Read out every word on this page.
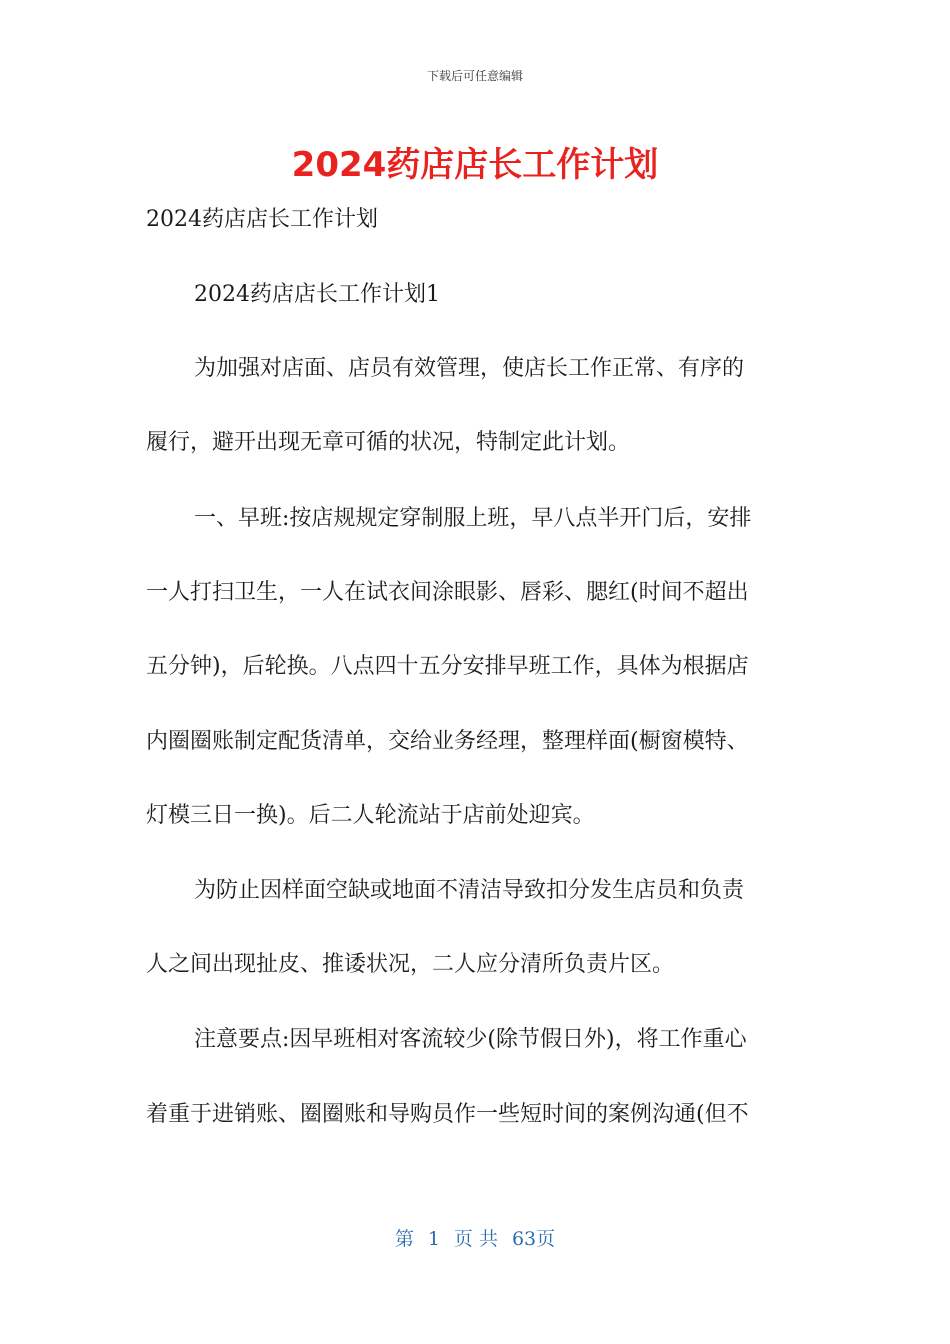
下载后可任意编辑
2024药店店长工作计划
2024药店店长工作计划
2024药店店长工作计划1
为加强对店面、店员有效管理，使店长工作正常、有序的
履行，避开出现无章可循的状况，特制定此计划。
一、早班:按店规规定穿制服上班，早八点半开门后，安排
一人打扫卫生，一人在试衣间涂眼影、唇彩、腮红(时间不超出
五分钟)，后轮换。八点四十五分安排早班工作，具体为根据店
内圈圈账制定配货清单，交给业务经理，整理样面(橱窗模特、
灯模三日一换)。后二人轮流站于店前处迎宾。
为防止因样面空缺或地面不清洁导致扣分发生店员和负责
人之间出现扯皮、推诿状况，二人应分清所负责片区。
注意要点:因早班相对客流较少(除节假日外)，将工作重心
着重于进销账、圈圈账和导购员作一些短时间的案例沟通(但不
第 1 页 共 63页
